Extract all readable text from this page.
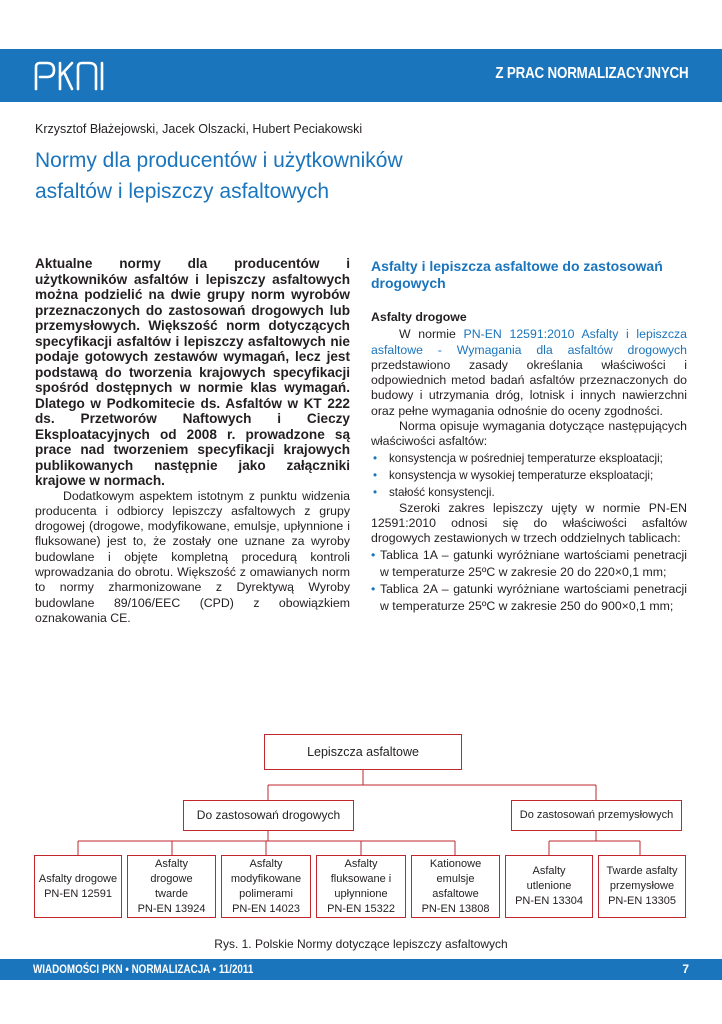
Z PRAC NORMALIZACYJNYCH
Krzysztof Błażejowski, Jacek Olszacki, Hubert Peciakowski
Normy dla producentów i użytkowników
asfaltów i lepiszczy asfaltowych

Aktualne normy dla producentów i użytkowników asfaltów i lepiszczy asfaltowych można podzielić na dwie grupy norm wyrobów przeznaczonych do zastosowań drogowych lub przemysłowych. Większość norm dotyczących specyfikacji asfaltów i lepiszczy asfaltowych nie podaje gotowych zestawów wymagań, lecz jest podstawą do tworzenia krajowych specyfikacji spośród dostępnych w normie klas wymagań. Dlatego w Podkomitecie ds. Asfaltów w KT 222 ds. Przetworów Naftowych i Cieczy Eksploatacyjnych od 2008 r. prowadzone są prace nad tworzeniem specyfikacji krajowych publikowanych następnie jako załączniki krajowe w normach.

Dodatkowym aspektem istotnym z punktu widzenia producenta i odbiorcy lepiszczy asfaltowych z grupy drogowej (drogowe, modyfikowane, emulsje, upłynnione i fluksowane) jest to, że zostały one uznane za wyroby budowlane i objęte kompletną procedurą kontroli wprowadzania do obrotu. Większość z omawianych norm to normy zharmonizowane z Dyrektywą Wyroby budowlane 89/106/EEC (CPD) z obowiązkiem oznakowania CE.

Asfalty i lepiszcza asfaltowe do zastosowań drogowych
Asfalty drogowe

W normie PN-EN 12591:2010 Asfalty i lepiszcza asfaltowe - Wymagania dla asfaltów drogowych przedstawiono zasady określania właściwości i odpowiednich metod badań asfaltów przeznaczonych do budowy i utrzymania dróg, lotnisk i innych nawierzchni oraz pełne wymagania odnośnie do oceny zgodności.

Norma opisuje wymagania dotyczące następujących właściwości asfaltów:

• konsystencja w pośredniej temperaturze eksploatacji;
• konsystencja w wysokiej temperaturze eksploatacji;
• stałość konsystencji.

Szeroki zakres lepiszczy ujęty w normie PN-EN 12591:2010 odnosi się do właściwości asfaltów drogowych zestawionych w trzech oddzielnych tablicach:

• Tablica 1A – gatunki wyróżniane wartościami penetracji w temperaturze 25ºC w zakresie 20 do 220×0,1 mm;
• Tablica 2A – gatunki wyróżniane wartościami penetracji w temperaturze 25ºC w zakresie 250 do 900×0,1 mm;
Lepiszcza asfaltowe
Do zastosowań drogowych	Do zastosowań przemysłowych
Asfalty drogowe
PN-EN 12591
Asfalty drogowe twarde
PN-EN 13924
Asfalty modyfikowane polimerami
PN-EN 14023
Asfalty fluksowane i upłynnione
PN-EN 15322
Kationowe emulsje asfaltowe
PN-EN 13808
Asfalty utlenione
PN-EN 13304
Twarde asfalty przemysłowe
PN-EN 13305
Rys. 1. Polskie Normy dotyczące lepiszczy asfaltowych
WIADOMOŚCI PKN • NORMALIZACJA • 11/2011	7
